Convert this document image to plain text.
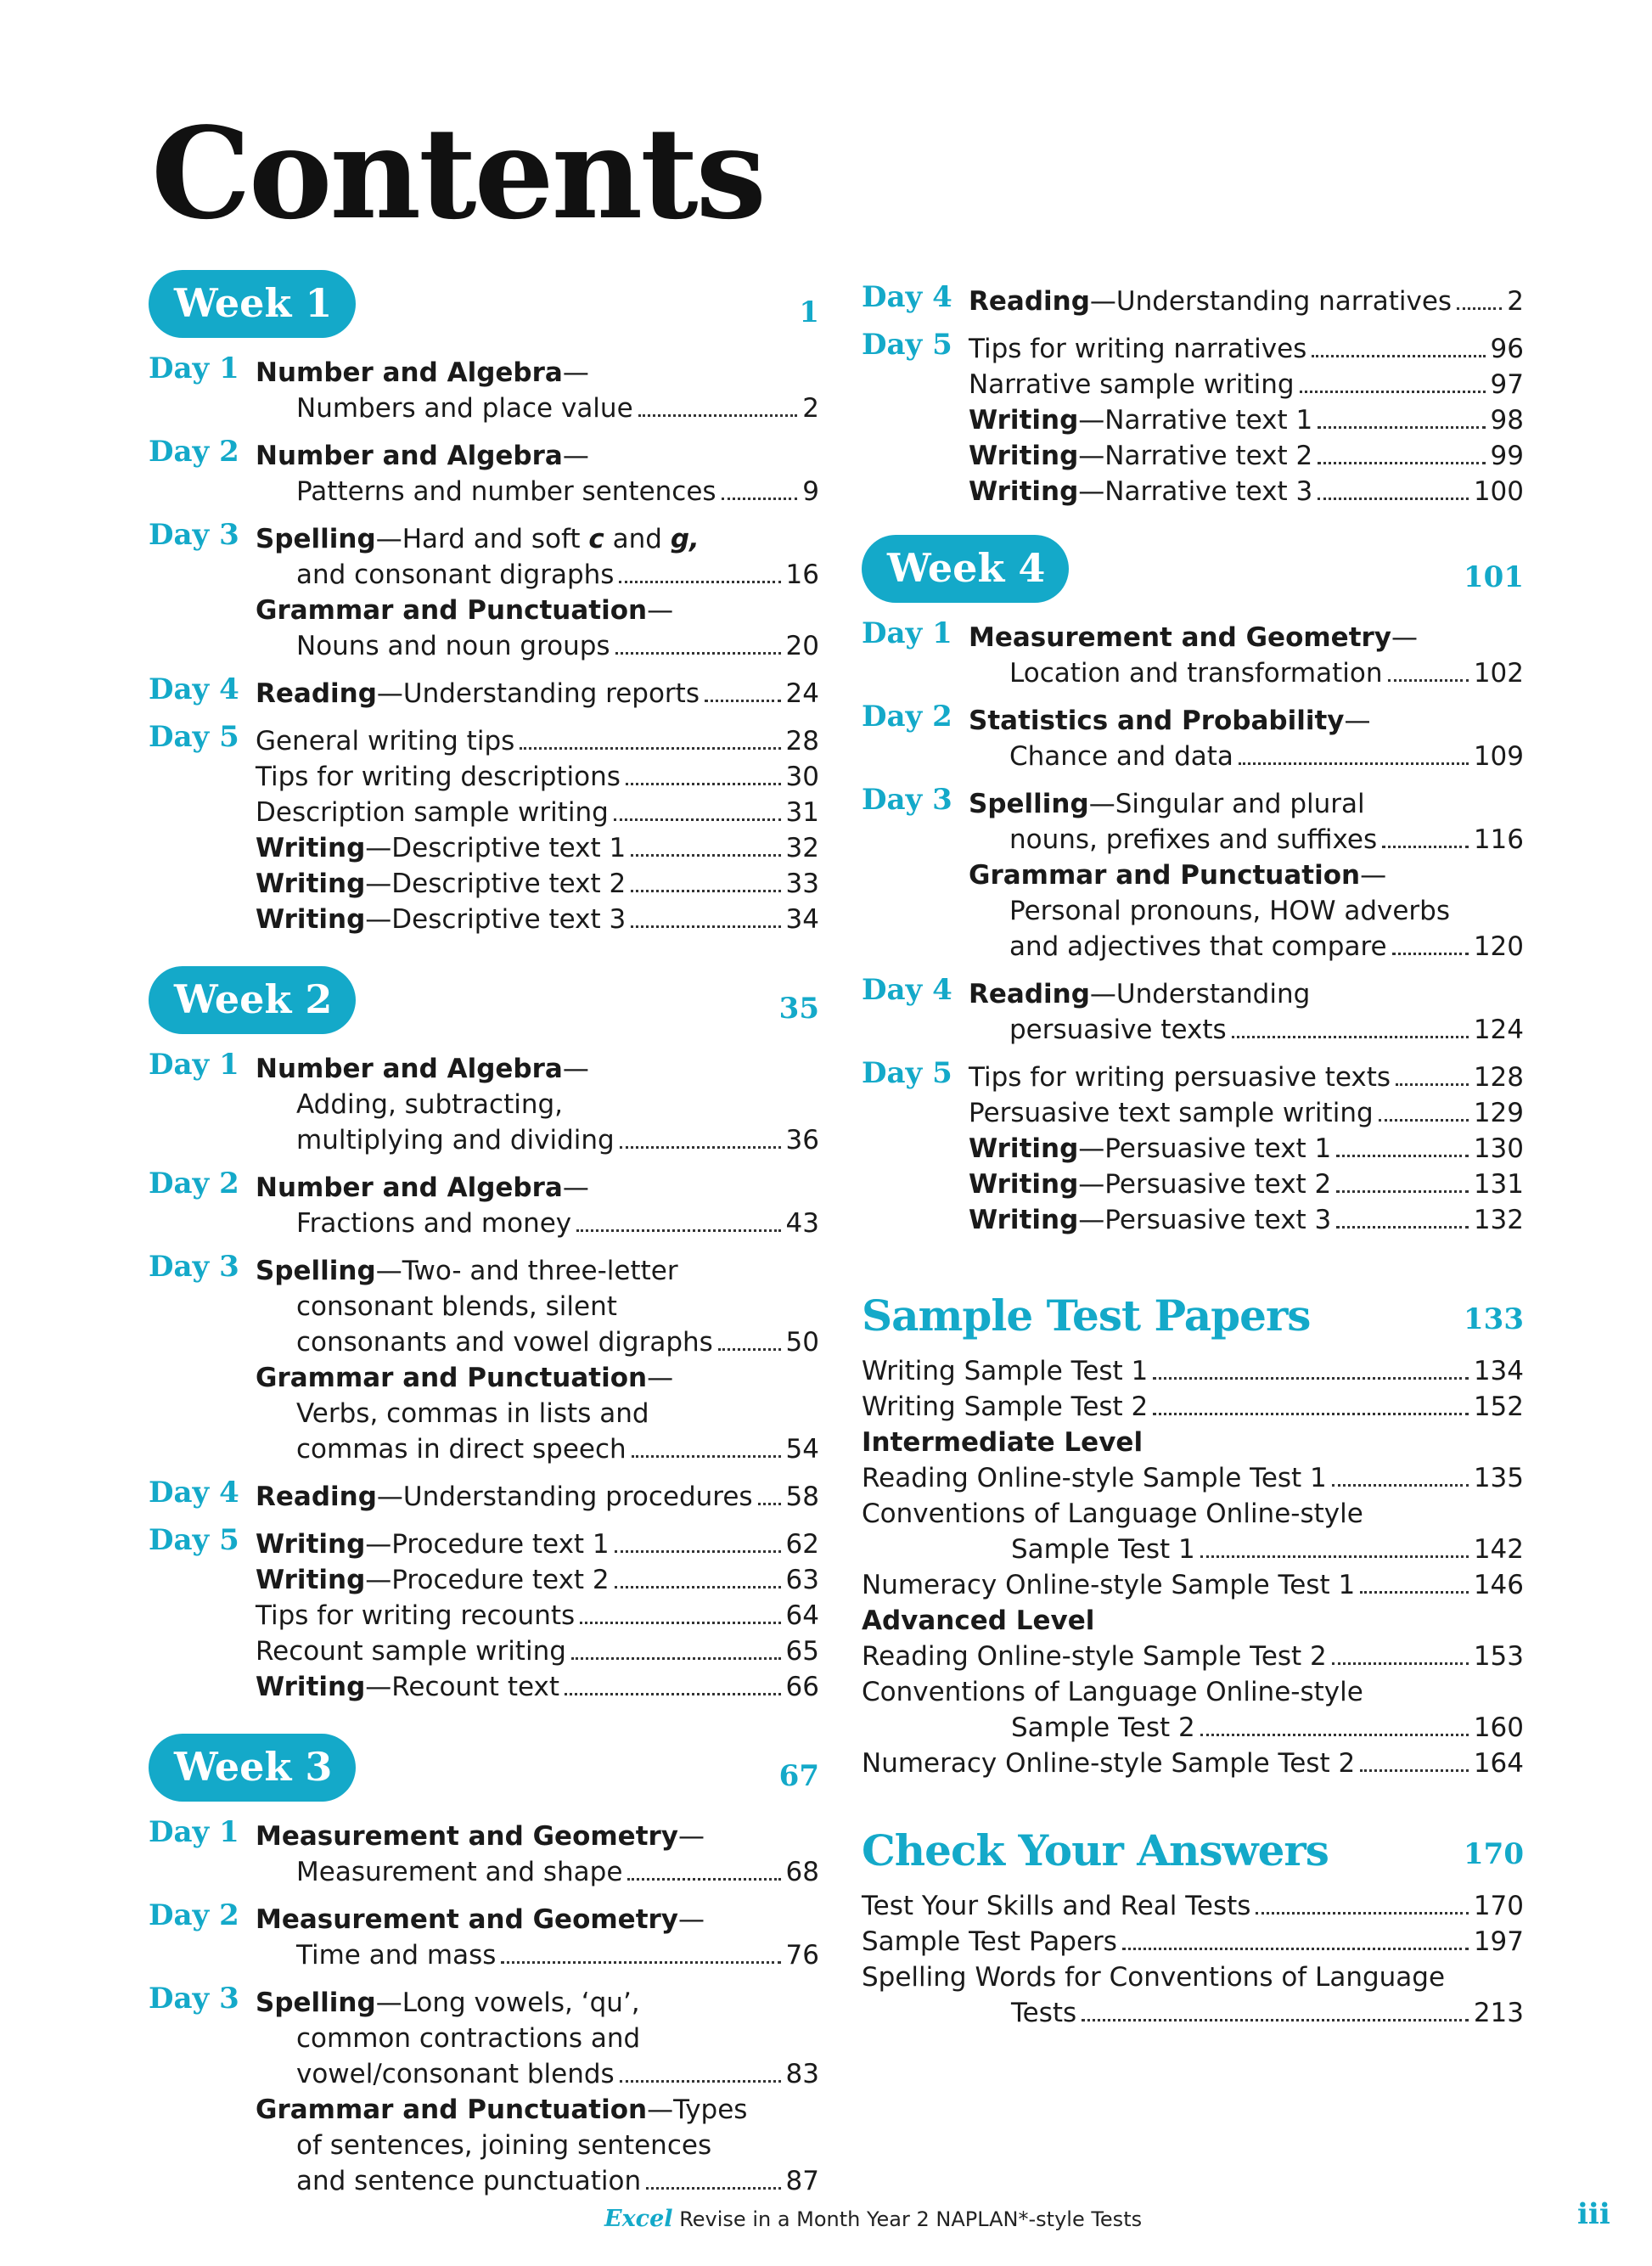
Contents
Week 1	1
Day 1 Number and Algebra—
Numbers and place value	2
Day 2 Number and Algebra—
Patterns and number sentences	9
Day 3 Spelling—Hard and soft c and g,
and consonant digraphs	16
Grammar and Punctuation—
Nouns and noun groups	20
Day 4 Reading—Understanding reports	24
Day 5 General writing tips	28
Tips for writing descriptions	30
Description sample writing	31
Writing—Descriptive text 1	32
Writing—Descriptive text 2	33
Writing—Descriptive text 3	34
Week 2	35
Day 1 Number and Algebra—
Adding, subtracting,
multiplying and dividing	36
Day 2 Number and Algebra—
Fractions and money	43
Day 3 Spelling—Two- and three-letter
consonant blends, silent
consonants and vowel digraphs	50
Grammar and Punctuation—
Verbs, commas in lists and
commas in direct speech	54
Day 4 Reading—Understanding procedures 58
Day 5 Writing—Procedure text 1	62
Writing—Procedure text 2	63
Tips for writing recounts	64
Recount sample writing	65
Writing—Recount text	66
Week 3	67
Day 1 Measurement and Geometry—
Measurement and shape	68
Day 2 Measurement and Geometry—
Time and mass	76
Day 3 Spelling—Long vowels, ‘qu’,
common contractions and
vowel/consonant blends	83
Grammar and Punctuation—Types
of sentences, joining sentences
and sentence punctuation	87
Day 4 Reading—Understanding narratives 2
Day 5 Tips for writing narratives	96
Narrative sample writing	97
Writing—Narrative text 1	98
Writing—Narrative text 2	99
Writing—Narrative text 3	100
Week 4	101
Day 1 Measurement and Geometry—
Location and transformation	102
Day 2 Statistics and Probability—
Chance and data	109
Day 3 Spelling—Singular and plural
nouns, prefixes and suffixes	116
Grammar and Punctuation—
Personal pronouns, HOW adverbs
and adjectives that compare	120
Day 4 Reading—Understanding
persuasive texts	124
Day 5 Tips for writing persuasive texts	128
Persuasive text sample writing	129
Writing—Persuasive text 1	130
Writing—Persuasive text 2	131
Writing—Persuasive text 3	132
Sample Test Papers	133
Writing Sample Test 1	134
Writing Sample Test 2	152
Intermediate Level
Reading Online-style Sample Test 1	135
Conventions of Language Online-style
Sample Test 1	142
Numeracy Online-style Sample Test 1	146
Advanced Level
Reading Online-style Sample Test 2	153
Conventions of Language Online-style
Sample Test 2	160
Numeracy Online-style Sample Test 2	164
Check Your Answers	170
Test Your Skills and Real Tests	170
Sample Test Papers	197
Spelling Words for Conventions of Language
Tests	213
Excel Revise in a Month Year 2 NAPLAN*-style Tests	iii
